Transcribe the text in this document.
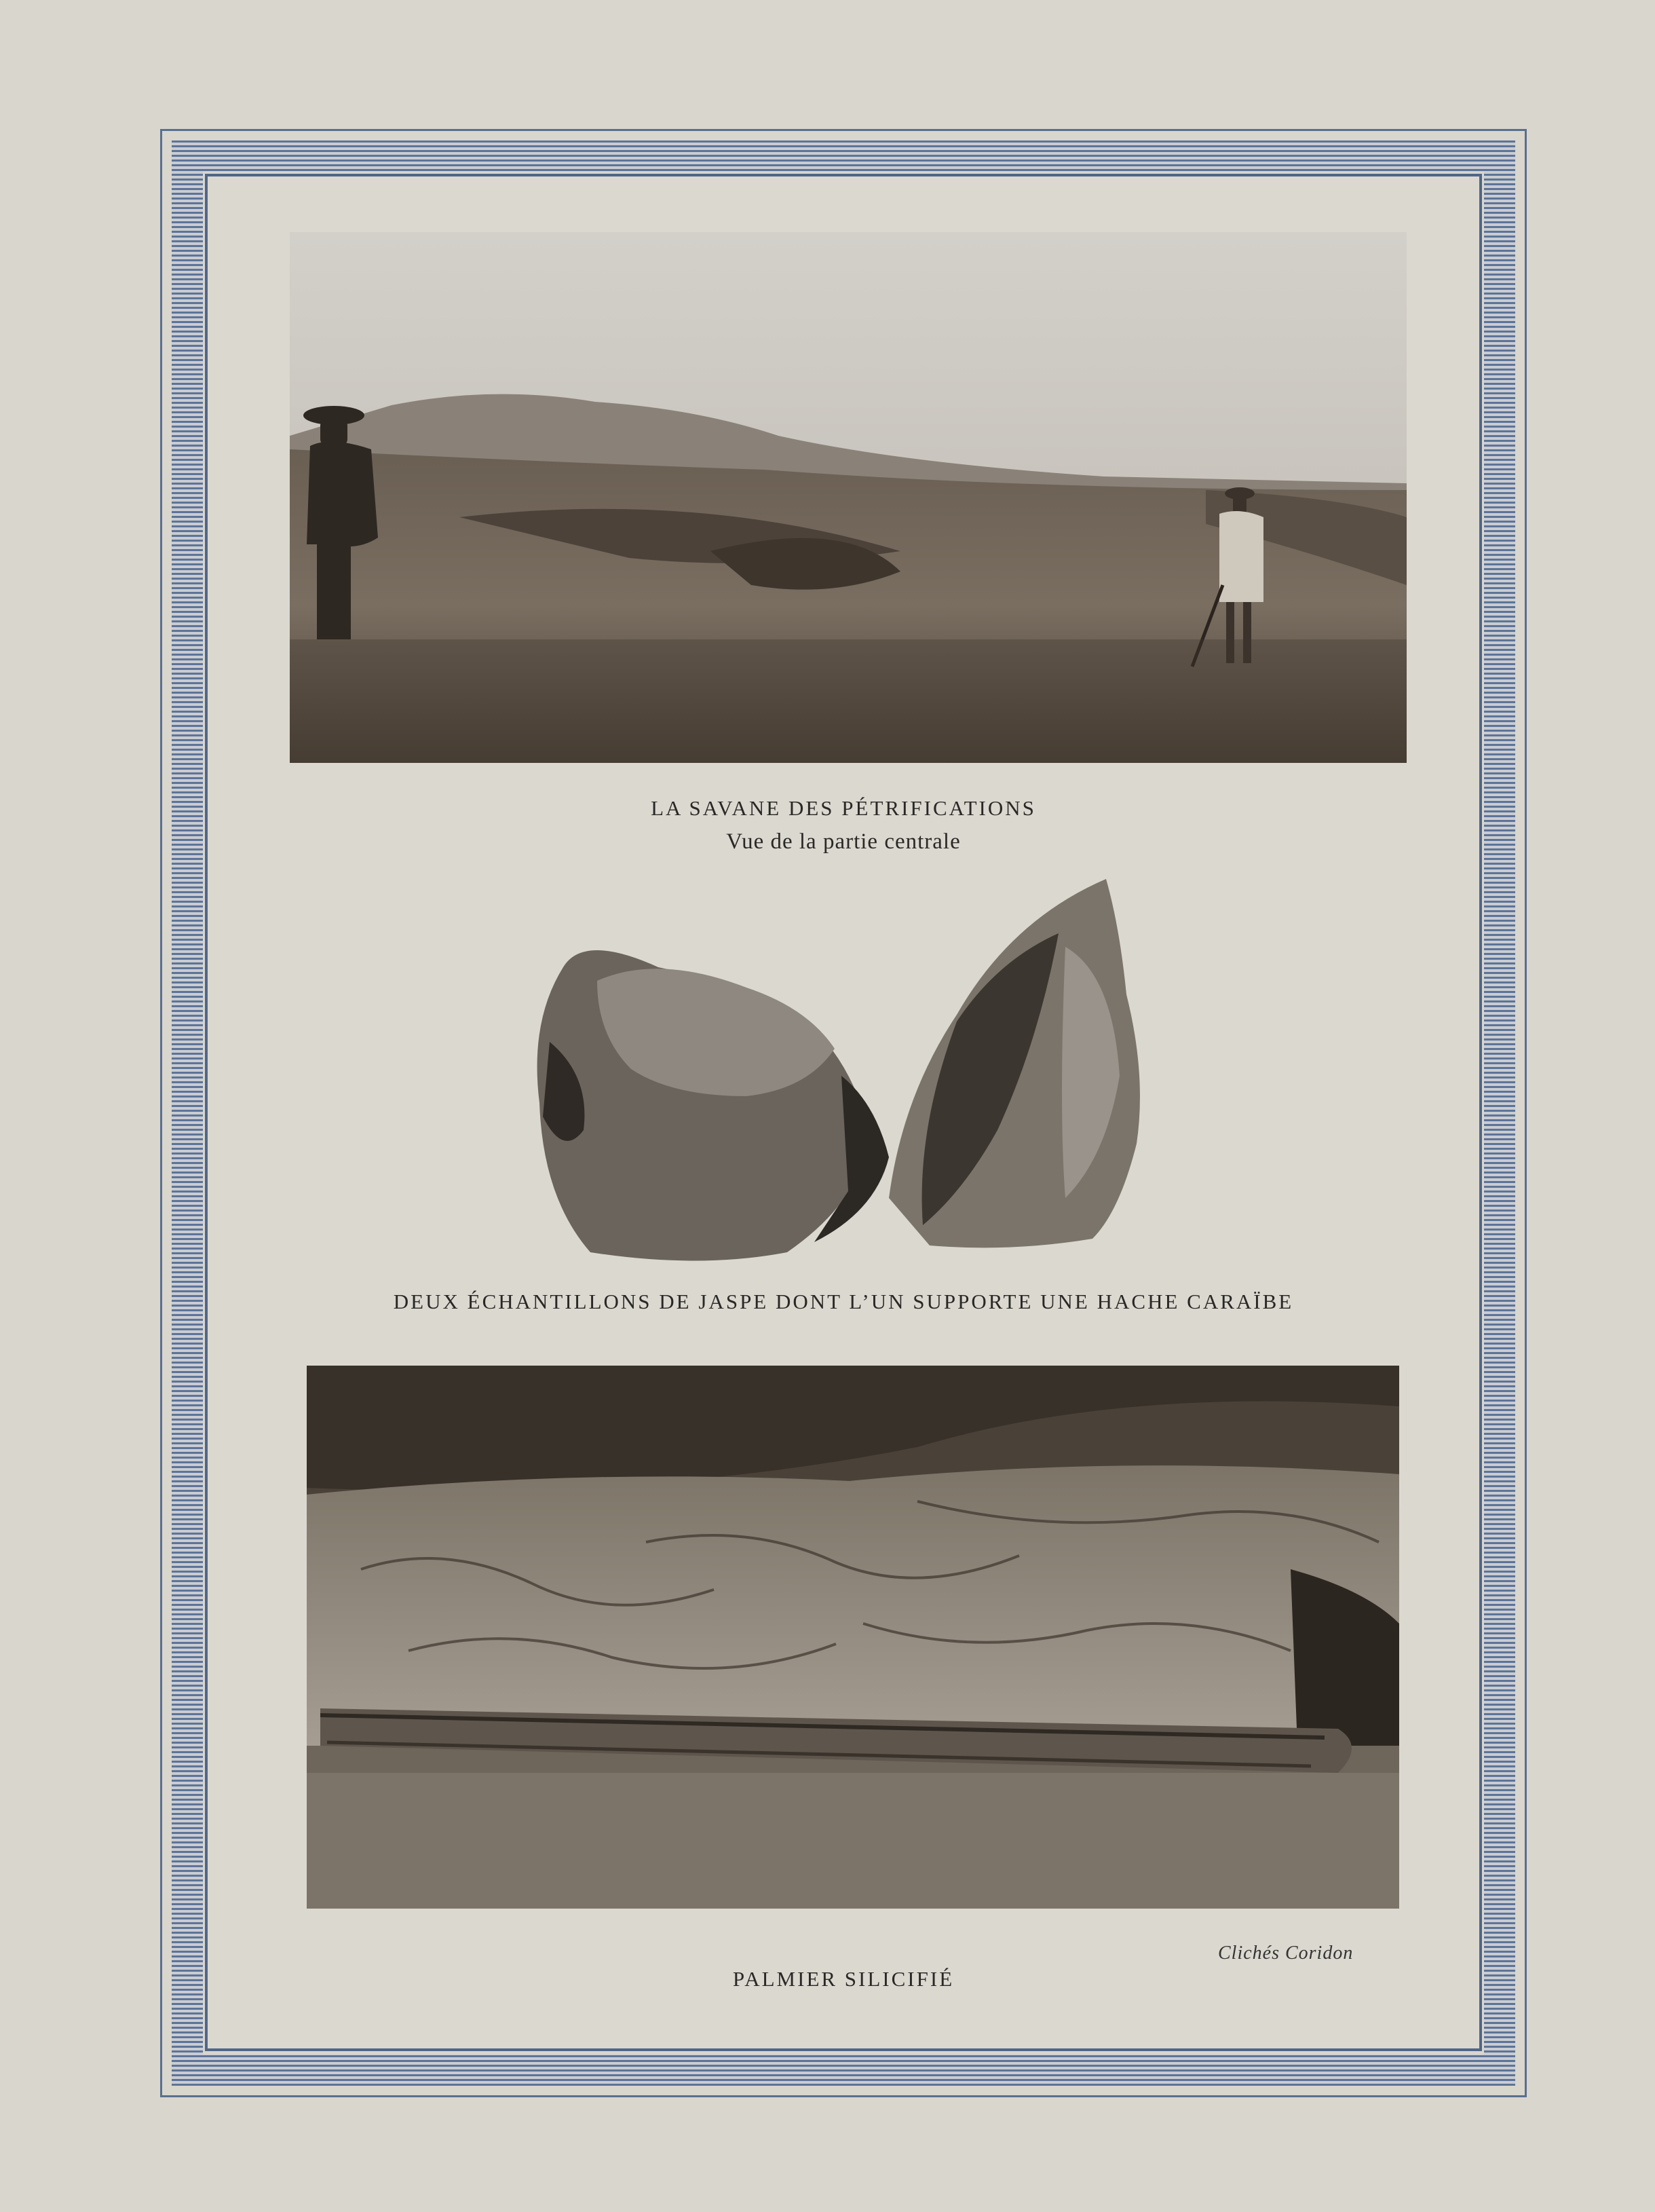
LA SAVANE DES PÉTRIFICATIONS
Vue de la partie centrale
DEUX ÉCHANTILLONS DE JASPE DONT L’UN SUPPORTE UNE HACHE CARAÏBE
Clichés Coridon
PALMIER SILICIFIÉ
